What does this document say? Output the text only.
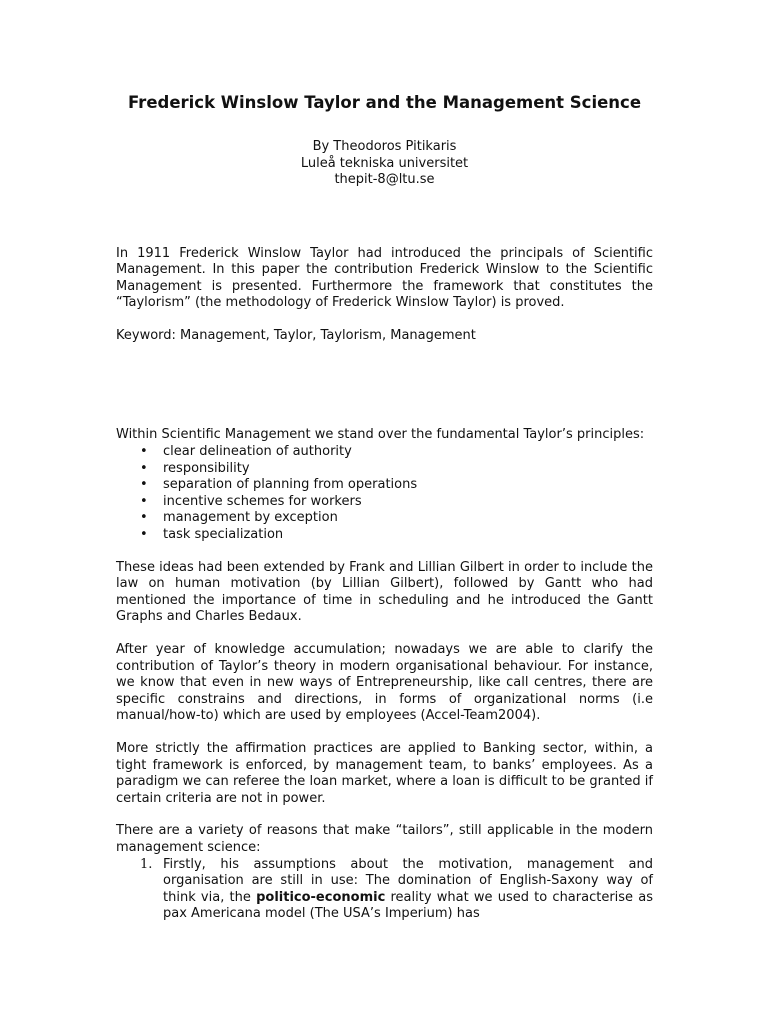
Frederick Winslow Taylor and the Management Science
By Theodoros Pitikaris
Luleå tekniska universitet
thepit-8@ltu.se

In 1911 Frederick Winslow Taylor had introduced the principals of Scientific Management. In this paper the contribution Frederick Winslow to the Scientific Management is presented. Furthermore the framework that constitutes the “Taylorism” (the methodology of Frederick Winslow Taylor) is proved.

Keyword: Management, Taylor, Taylorism, Management

Within Scientific Management we stand over the fundamental Taylor’s principles:

• clear delineation of authority
• responsibility
• separation of planning from operations
• incentive schemes for workers
• management by exception
• task specialization

These ideas had been extended by Frank and Lillian Gilbert in order to include the law on human motivation (by Lillian Gilbert), followed by Gantt who had mentioned the importance of time in scheduling and he introduced the Gantt Graphs and Charles Bedaux.

After year of knowledge accumulation; nowadays we are able to clarify the contribution of Taylor’s theory in modern organisational behaviour. For instance, we know that even in new ways of Entrepreneurship, like call centres, there are specific constrains and directions, in forms of organizational norms (i.e manual/how-to) which are used by employees (Accel-Team2004).

More strictly the affirmation practices are applied to Banking sector, within, a tight framework is enforced, by management team, to banks’ employees. As a paradigm we can referee the loan market, where a loan is difficult to be granted if certain criteria are not in power.

There are a variety of reasons that make “tailors”, still applicable in the modern management science:

1. Firstly, his assumptions about the motivation, management and organisation are still in use: The domination of English-Saxony way of think via, the politico-economic reality what we used to characterise as pax Americana model (The USA’s Imperium) has
